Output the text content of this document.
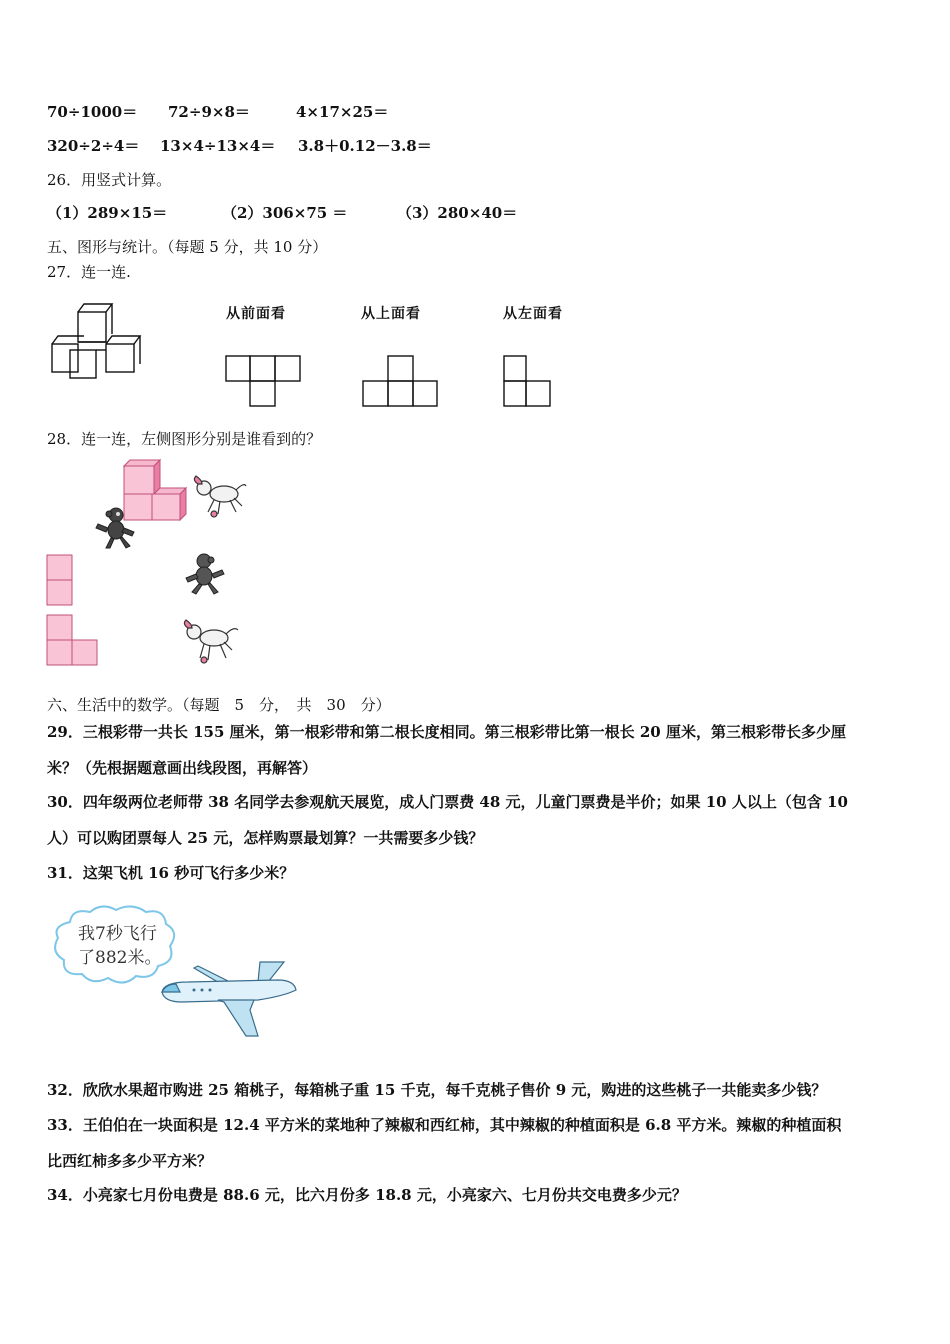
70÷1000＝ 72÷9×8＝	4×17×25＝
320÷2÷4＝ 13×4÷13×4＝ 3.8＋0.12－3.8＝
26．用竖式计算。
（1）289×15＝	（2）306×75 ＝	（3）280×40＝
五、图形与统计。（每题 5 分，共 10 分）
27．连一连.
从前面看	从上面看	从左面看
28．连一连，左侧图形分别是谁看到的？
六、生活中的数学。（每题　5　分，　共　30　分）
29．三根彩带一共长 155 厘米，第一根彩带和第二根长度相同。第三根彩带比第一根长 20 厘米，第三根彩带长多少厘
米？（先根据题意画出线段图，再解答）
30．四年级两位老师带 38 名同学去参观航天展览，成人门票费 48 元，儿童门票费是半价；如果 10 人以上（包含 10
人）可以购团票每人 25 元，怎样购票最划算？一共需要多少钱？
31．这架飞机 16 秒可飞行多少米？
我7秒飞行
了882米。
32．欣欣水果超市购进 25 箱桃子，每箱桃子重 15 千克，每千克桃子售价 9 元，购进的这些桃子一共能卖多少钱？
33．王伯伯在一块面积是 12.4 平方米的菜地种了辣椒和西红柿，其中辣椒的种植面积是 6.8 平方米。辣椒的种植面积
比西红柿多多少平方米？
34．小亮家七月份电费是 88.6 元，比六月份多 18.8 元，小亮家六、七月份共交电费多少元？
